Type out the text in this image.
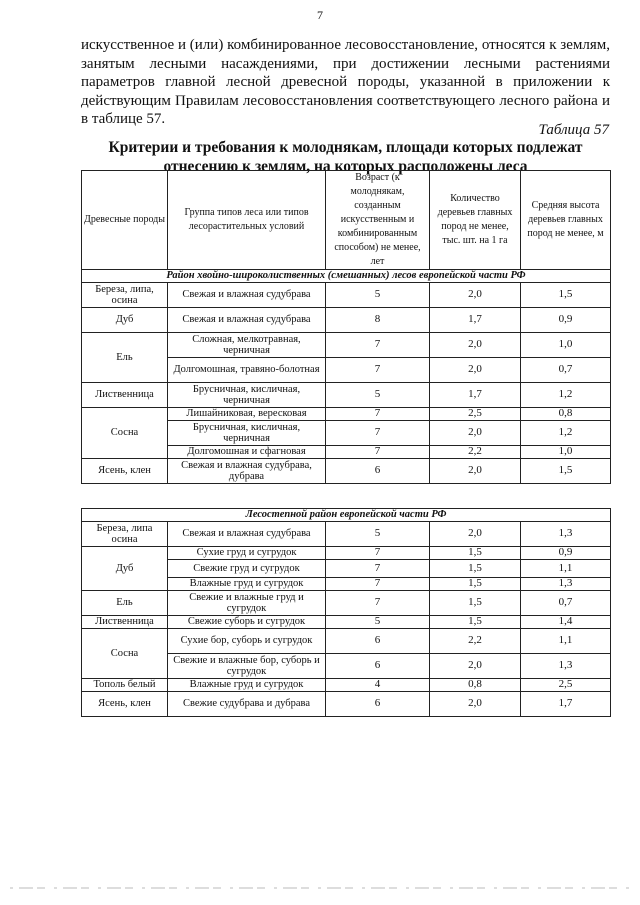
7
искусственное и (или) комбинированное лесовосстановление, относятся к землям, занятым лесными насаждениями, при достижении лесными растениями параметров главной лесной древесной породы, указанной в приложении к действующим Правилам лесовосстановления соответствующего лесного района и в таблице 57.
Таблица 57
Критерии и требования к молоднякам, площади которых подлежат отнесению к землям, на которых расположены леса
Древесные породы	Группа типов леса или типов лесорастительных условий	Возраст (к молоднякам, созданным искусственным и комбинированным способом) не менее, лет	Количество деревьев главных пород не менее, тыс. шт. на 1 га	Средняя высота деревьев главных пород не менее, м
Район хвойно-широколиственных (смешанных) лесов европейской части РФ				
Береза, липа, осина	Свежая и влажная судубрава	5	2,0	1,5
Дуб	Свежая и влажная судубрава	8	1,7	0,9
Ель	Сложная, мелкотравная, черничная	7	2,0	1,0
	Долгомошная, травяно-болотная	7	2,0	0,7
Лиственница	Брусничная, кисличная, черничная	5	1,7	1,2
Сосна	Лишайниковая, вересковая	7	2,5	0,8
	Брусничная, кисличная, черничная	7	2,0	1,2
	Долгомошная и сфагновая	7	2,2	1,0
Ясень, клен	Свежая и влажная судубрава, дубрава	6	2,0	1,5
Лесостепной район европейской части РФ				
Береза, липа осина	Свежая и влажная судубрава	5	2,0	1,3
Дуб	Сухие груд и сугрудок	7	1,5	0,9
	Свежие груд и сугрудок	7	1,5	1,1
	Влажные груд и сугрудок	7	1,5	1,3
Ель	Свежие и влажные груд и сугрудок	7	1,5	0,7
Лиственница	Свежие суборь и сугрудок	5	1,5	1,4
Сосна	Сухие бор, суборь и сугрудок	6	2,2	1,1
	Свежие и влажные бор, суборь и сугрудок	6	2,0	1,3
Тополь белый	Влажные груд и сугрудок	4	0,8	2,5
Ясень, клен	Свежие судубрава и дубрава	6	2,0	1,7
